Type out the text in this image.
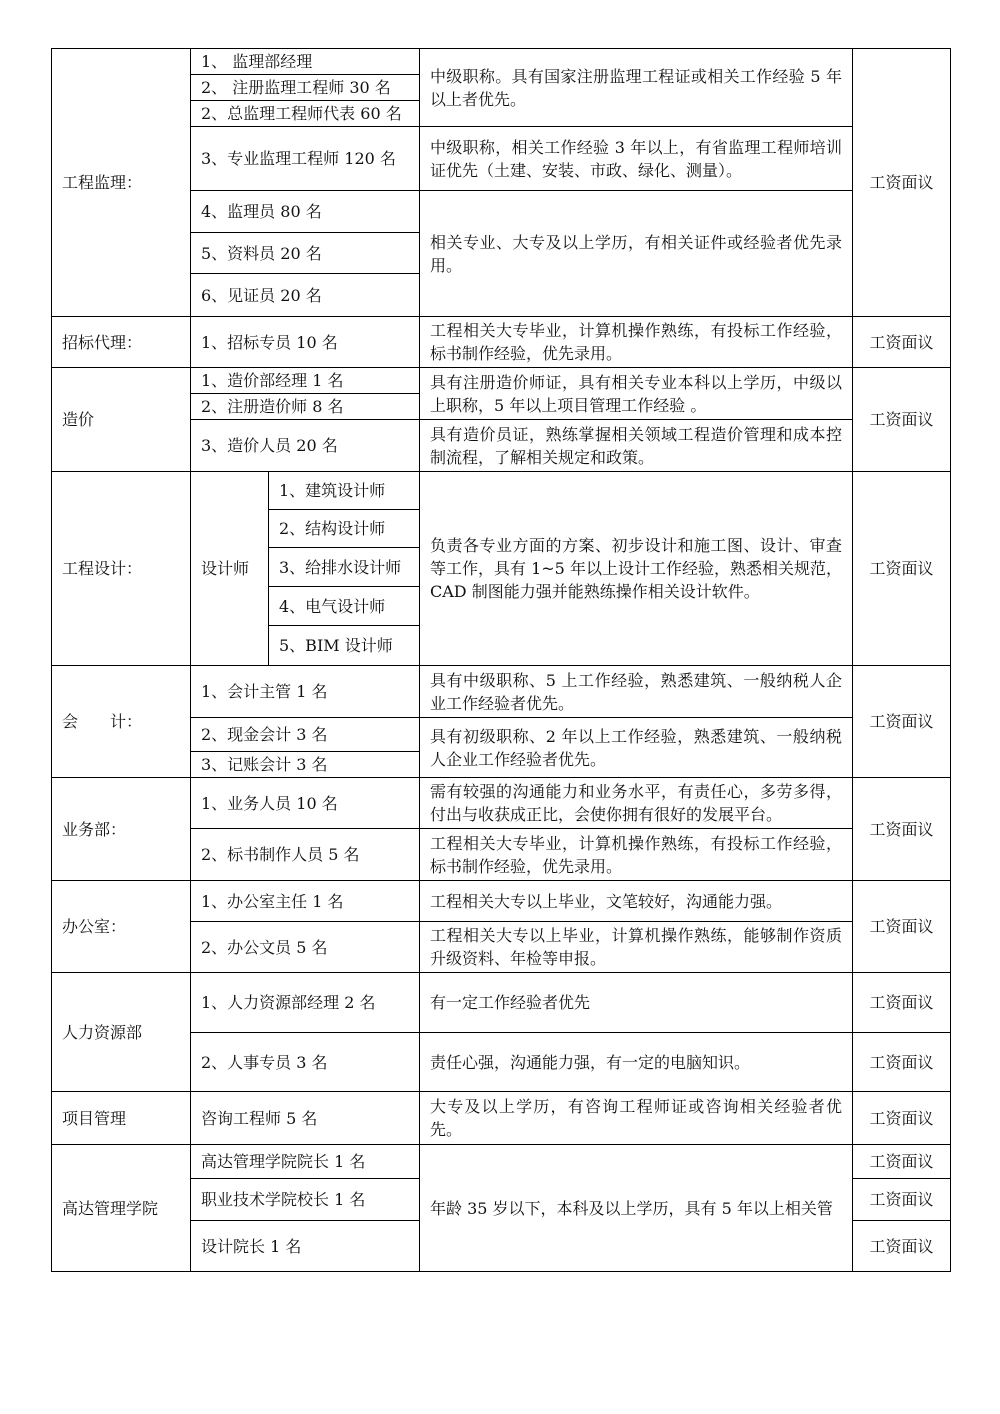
工程监理：	1、 监理部经理		中级职称。具有国家注册监理工程证或相关工作经验 5 年以上者优先。	工资面议
	2、 注册监理工程师 30 名			
	2、总监理工程师代表 60 名			
	3、专业监理工程师 120 名		中级职称，相关工作经验 3 年以上，有省监理工程师培训证优先（土建、安装、市政、绿化、测量）。	
	4、监理员 80 名		相关专业、大专及以上学历，有相关证件或经验者优先录用。	
	5、资料员 20 名			
	6、见证员 20 名			
招标代理：	1、招标专员 10 名		工程相关大专毕业，计算机操作熟练，有投标工作经验，标书制作经验，优先录用。	工资面议
造价	1、造价部经理 1 名		具有注册造价师证，具有相关专业本科以上学历，中级以上职称，5 年以上项目管理工作经验 。	工资面议
	2、注册造价师 8 名			
	3、造价人员 20 名		具有造价员证，熟练掌握相关领域工程造价管理和成本控制流程，了解相关规定和政策。	
工程设计：	设计师	1、建筑设计师	负责各专业方面的方案、初步设计和施工图、设计、审查等工作，具有 1~5 年以上设计工作经验，熟悉相关规范，CAD 制图能力强并能熟练操作相关设计软件。	工资面议
		2、结构设计师		
		3、给排水设计师		
		4、电气设计师		
		5、BIM 设计师		
会　　计：	1、会计主管 1 名		具有中级职称、5 上工作经验，熟悉建筑、一般纳税人企业工作经验者优先。	工资面议
	2、现金会计 3 名		具有初级职称、2 年以上工作经验，熟悉建筑、一般纳税人企业工作经验者优先。	
	3、记账会计 3 名			
业务部：	1、业务人员 10 名		需有较强的沟通能力和业务水平，有责任心，多劳多得，付出与收获成正比，会使你拥有很好的发展平台。	工资面议
	2、标书制作人员 5 名		工程相关大专毕业，计算机操作熟练，有投标工作经验，标书制作经验，优先录用。	
办公室：	1、办公室主任 1 名		工程相关大专以上毕业，文笔较好，沟通能力强。	工资面议
	2、办公文员 5 名		工程相关大专以上毕业，计算机操作熟练，能够制作资质升级资料、年检等申报。	
人力资源部	1、人力资源部经理 2 名		有一定工作经验者优先	工资面议
	2、人事专员 3 名		责任心强，沟通能力强，有一定的电脑知识。	工资面议
项目管理	咨询工程师 5 名		大专及以上学历，有咨询工程师证或咨询相关经验者优先。	工资面议
高达管理学院	高达管理学院院长 1 名		年龄 35 岁以下，本科及以上学历，具有 5 年以上相关管	工资面议
	职业技术学院校长 1 名			工资面议
	设计院长 1 名			工资面议
